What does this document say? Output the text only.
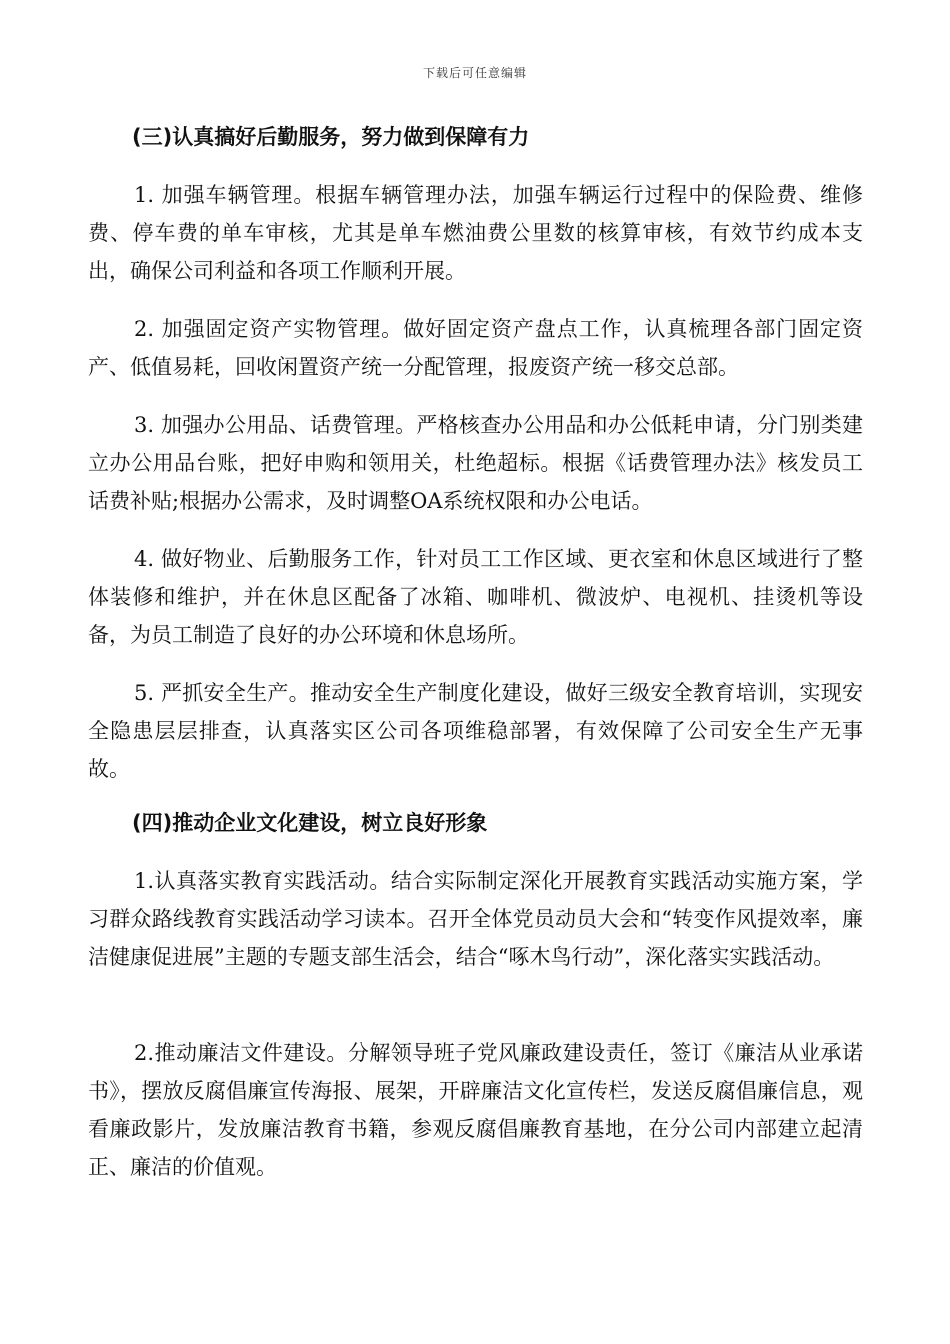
下载后可任意编辑
(三)认真搞好后勤服务，努力做到保障有力

1. 加强车辆管理。根据车辆管理办法，加强车辆运行过程中的保险费、维修费、停车费的单车审核，尤其是单车燃油费公里数的核算审核，有效节约成本支出，确保公司利益和各项工作顺利开展。

2. 加强固定资产实物管理。做好固定资产盘点工作，认真梳理各部门固定资产、低值易耗，回收闲置资产统一分配管理，报废资产统一移交总部。

3. 加强办公用品、话费管理。严格核查办公用品和办公低耗申请，分门别类建立办公用品台账，把好申购和领用关，杜绝超标。根据《话费管理办法》核发员工话费补贴;根据办公需求，及时调整OA系统权限和办公电话。

4. 做好物业、后勤服务工作，针对员工工作区域、更衣室和休息区域进行了整体装修和维护，并在休息区配备了冰箱、咖啡机、微波炉、电视机、挂烫机等设备，为员工制造了良好的办公环境和休息场所。

5. 严抓安全生产。推动安全生产制度化建设，做好三级安全教育培训，实现安全隐患层层排查，认真落实区公司各项维稳部署，有效保障了公司安全生产无事故。

(四)推动企业文化建设，树立良好形象

1.认真落实教育实践活动。结合实际制定深化开展教育实践活动实施方案，学习群众路线教育实践活动学习读本。召开全体党员动员大会和“转变作风提效率，廉洁健康促进展”主题的专题支部生活会，结合“啄木鸟行动”，深化落实实践活动。

2.推动廉洁文件建设。分解领导班子党风廉政建设责任，签订《廉洁从业承诺书》，摆放反腐倡廉宣传海报、展架，开辟廉洁文化宣传栏，发送反腐倡廉信息，观看廉政影片，发放廉洁教育书籍，参观反腐倡廉教育基地，在分公司内部建立起清正、廉洁的价值观。
